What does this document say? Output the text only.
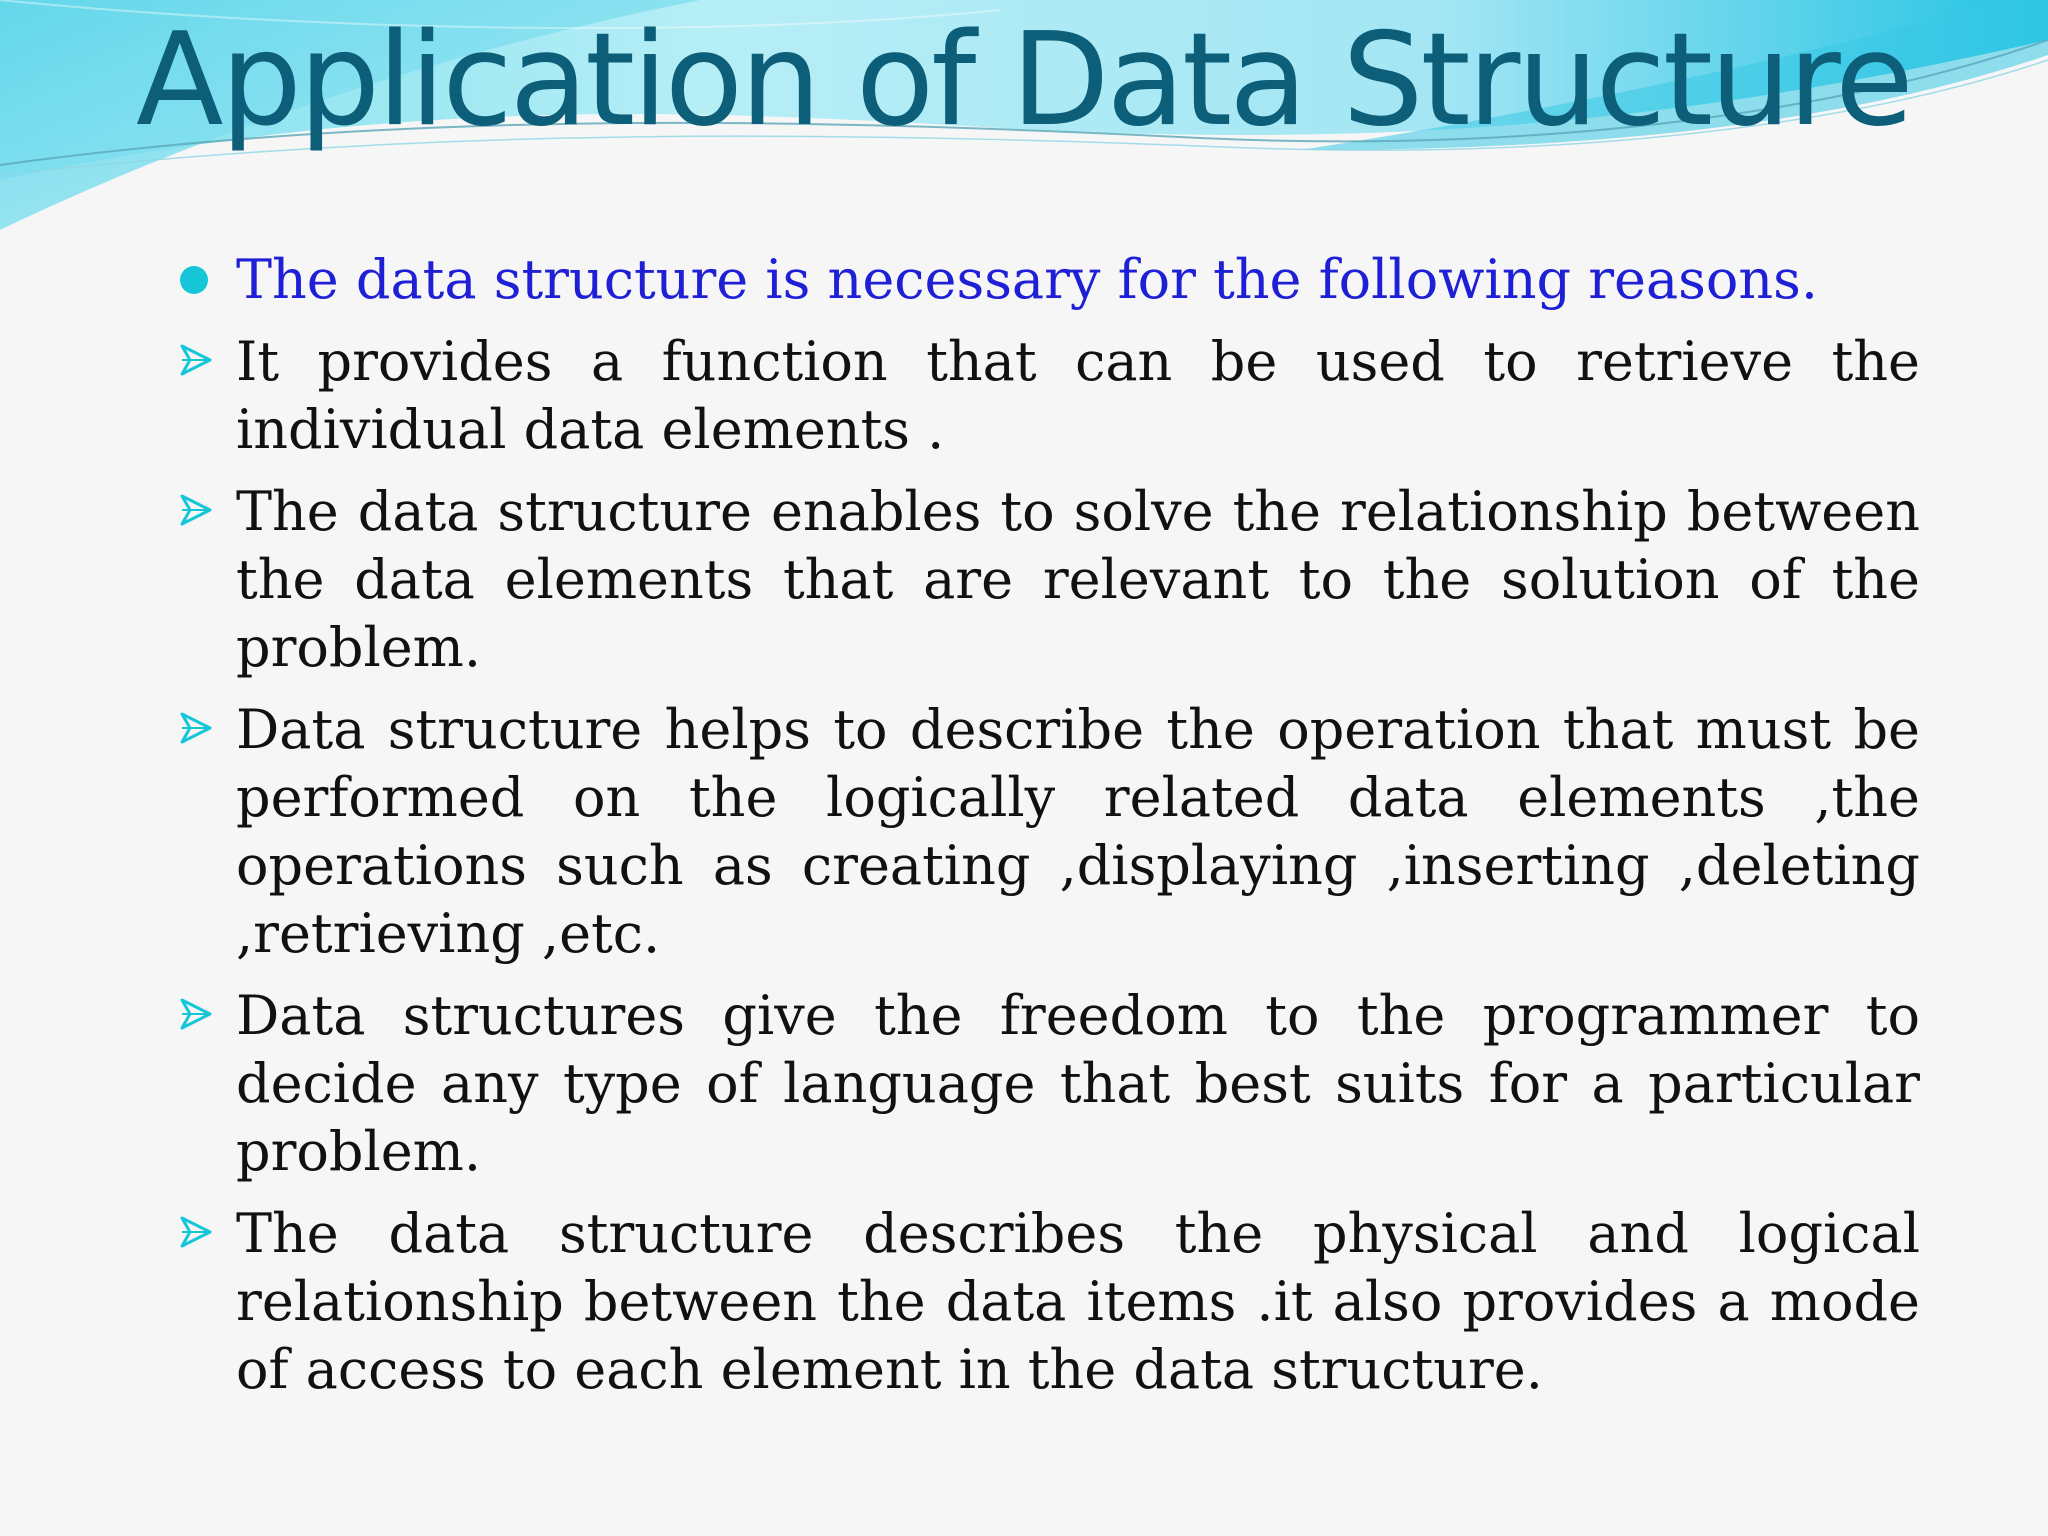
Application of Data Structure
The data structure is necessary for the following reasons.
It provides a function that can be used to retrieve the individual data elements .
The data structure enables to solve the relationship between the data elements that are relevant to the solution of the problem.
Data structure helps to describe the operation that must be performed on the logically related data elements ,the operations such as creating ,displaying ,inserting ,deleting ,retrieving ,etc.
Data structures give the freedom to the programmer to decide any type of language that best suits for a particular problem.
The data structure describes the physical and logical relationship between the data items .it also provides a mode of access to each element in the data structure.
